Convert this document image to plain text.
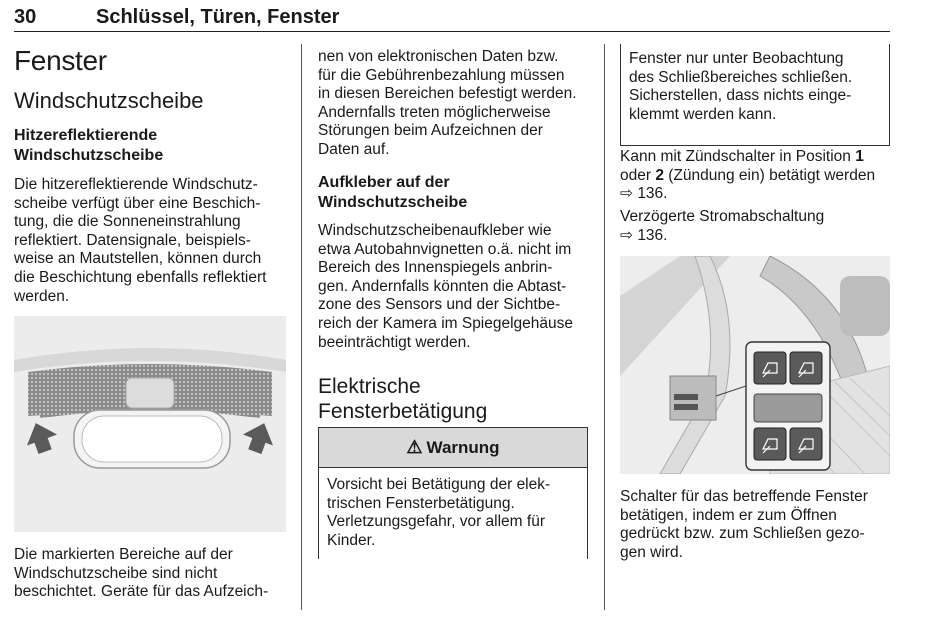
30	Schlüssel, Türen, Fenster
Fenster
Windschutzscheibe
Hitzereflektierende
Windschutzscheibe

Die hitzereflektierende Windschutz-
scheibe verfügt über eine Beschich-
tung, die die Sonneneinstrahlung
reflektiert. Datensignale, beispiels-
weise an Mautstellen, können durch
die Beschichtung ebenfalls reflektiert
werden.

Die markierten Bereiche auf der
Windschutzscheibe sind nicht
beschichtet. Geräte für das Aufzeich-

nen von elektronischen Daten bzw.
für die Gebührenbezahlung müssen
in diesen Bereichen befestigt werden.
Andernfalls treten möglicherweise
Störungen beim Aufzeichnen der
Daten auf.

Aufkleber auf der
Windschutzscheibe

Windschutzscheibenaufkleber wie
etwa Autobahnvignetten o.ä. nicht im
Bereich des Innenspiegels anbrin-
gen. Andernfalls könnten die Abtast-
zone des Sensors und der Sichtbe-
reich der Kamera im Spiegelgehäuse
beeinträchtigt werden.

Elektrische
Fensterbetätigung
⚠ Warnung

Vorsicht bei Betätigung der elek-
trischen Fensterbetätigung.
Verletzungsgefahr, vor allem für
Kinder.

Fenster nur unter Beobachtung
des Schließbereiches schließen.
Sicherstellen, dass nichts einge-
klemmt werden kann.

Kann mit Zündschalter in Position 1
oder 2 (Zündung ein) betätigt werden
⇨ 136.

Verzögerte Stromabschaltung
⇨ 136.

Schalter für das betreffende Fenster
betätigen, indem er zum Öffnen
gedrückt bzw. zum Schließen gezo-
gen wird.
